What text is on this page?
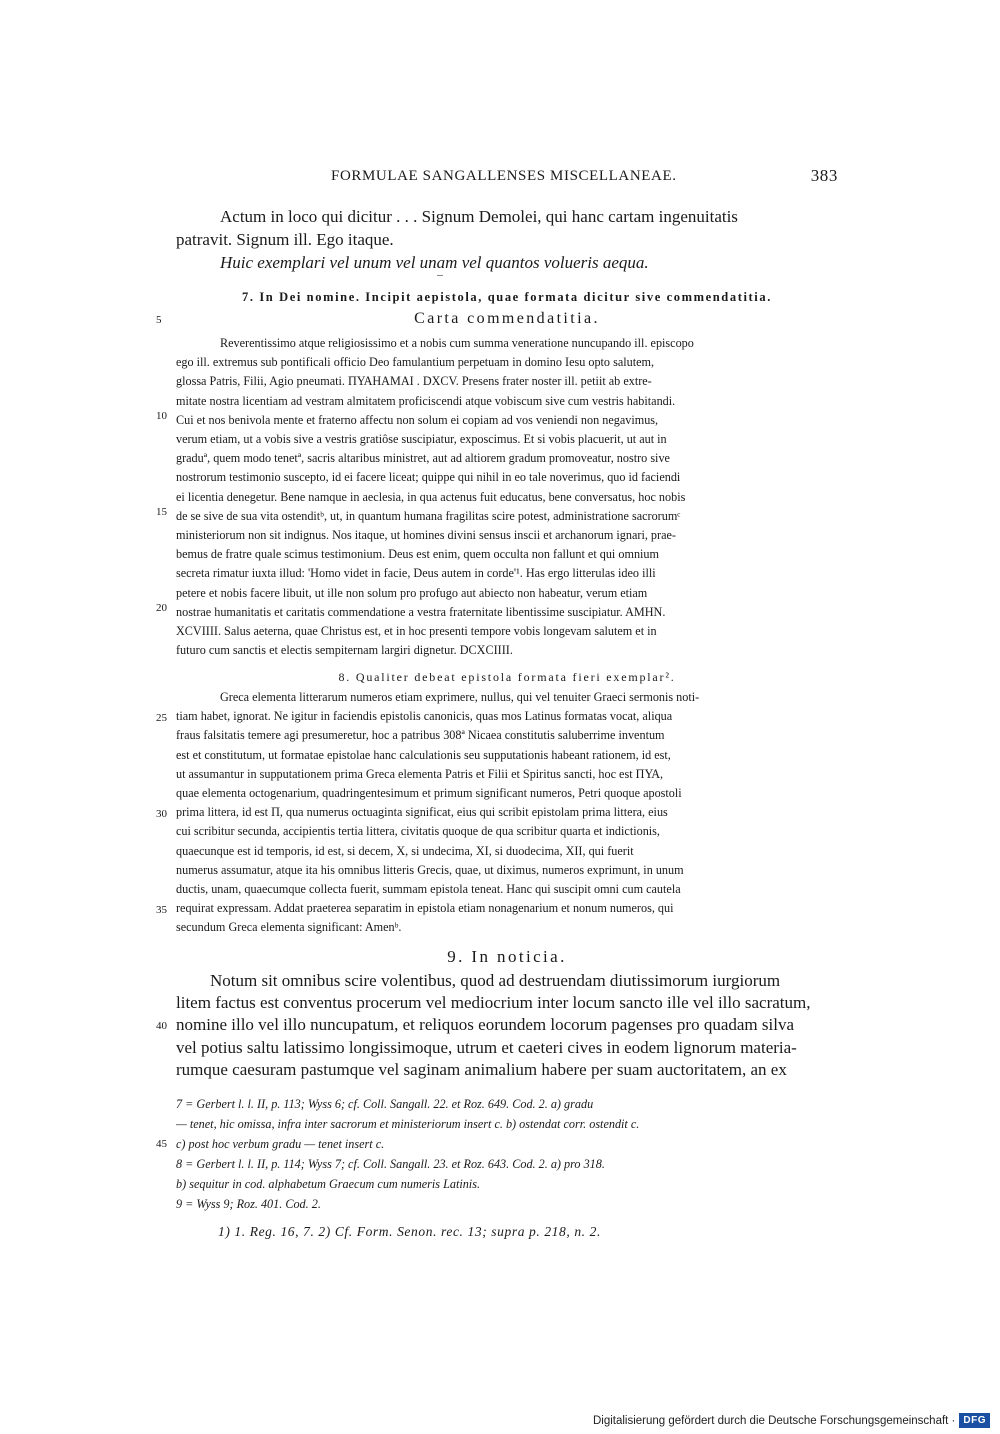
FORMULAE SANGALLENSES MISCELLANEAE.	383
Actum in loco qui dicitur . . . Signum Demolei, qui hanc cartam ingenuitatis
patravit. Signum ill. Ego itaque.
Huic exemplari vel unum vel unam vel quantos volueris aequa.
7. In Dei nomine. Incipit aepistola, quae formata dicitur sive commendatitia.
5	Carta commendatitia.
Reverentissimo atque religiosissimo et a nobis cum summa veneratione nuncupando ill. episcopo
ego ill. extremus sub pontificali officio Deo famulantium perpetuam in domino Iesu opto salutem,
glossa Patris, Filii, Agio pneumati. ΠΥΑΗΑΜΑΙ . DXCV. Presens frater noster ill. petiit ab extre-
mitate nostra licentiam ad vestram almitatem proficiscendi atque vobiscum sive cum vestris habitandi.
Cui et nos benivola mente et fraterno affectu non solum ei copiam ad vos veniendi non negavimus,
verum etiam, ut a vobis sive a vestris gratiôse suscipiatur, exposcimus. Et si vobis placuerit, ut aut in
graduª, quem modo tenetª, sacris altaribus ministret, aut ad altiorem gradum promoveatur, nostro sive
nostrorum testimonio suscepto, id ei facere liceat; quippe qui nihil in eo tale noverimus, quo id faciendi
ei licentia denegetur. Bene namque in aeclesia, in qua actenus fuit educatus, bene conversatus, hoc nobis
de se sive de sua vita ostenditᵇ, ut, in quantum humana fragilitas scire potest, administratione sacrorumᶜ
ministeriorum non sit indignus. Nos itaque, ut homines divini sensus inscii et archanorum ignari, prae-
bemus de fratre quale scimus testimonium. Deus est enim, quem occulta non fallunt et qui omnium
secreta rimatur iuxta illud: 'Homo videt in facie, Deus autem in corde'¹. Has ergo litterulas ideo illi
petere et nobis facere libuit, ut ille non solum pro profugo aut abiecto non habeatur, verum etiam
nostrae humanitatis et caritatis commendatione a vestra fraternitate libentissime suscipiatur. AMHN.
XCVIIII. Salus aeterna, quae Christus est, et in hoc presenti tempore vobis longevam salutem et in
futuro cum sanctis et electis sempiternam largiri dignetur. DCXCIIII.
10
15
20
8. Qualiter debeat epistola formata fieri exemplar².
Greca elementa litterarum numeros etiam exprimere, nullus, qui vel tenuiter Graeci sermonis noti-
tiam habet, ignorat. Ne igitur in faciendis epistolis canonicis, quas mos Latinus formatas vocat, aliqua
fraus falsitatis temere agi presumeretur, hoc a patribus 308ª Nicaea constitutis saluberrime inventum
est et constitutum, ut formatae epistolae hanc calculationis seu supputationis habeant rationem, id est,
ut assumantur in supputationem prima Greca elementa Patris et Filii et Spiritus sancti, hoc est ΠΥΑ,
quae elementa octogenarium, quadringentesimum et primum significant numeros, Petri quoque apostoli
prima littera, id est Π, qua numerus octuaginta significat, eius qui scribit epistolam prima littera, eius
cui scribitur secunda, accipientis tertia littera, civitatis quoque de qua scribitur quarta et indictionis,
quaecunque est id temporis, id est, si decem, X, si undecima, XI, si duodecima, XII, qui fuerit
numerus assumatur, atque ita his omnibus litteris Grecis, quae, ut diximus, numeros exprimunt, in unum
ductis, unam, quaecumque collecta fuerit, summam epistola teneat. Hanc qui suscipit omni cum cautela
requirat expressam. Addat praeterea separatim in epistola etiam nonagenarium et nonum numeros, qui
secundum Greca elementa significant: Amenᵇ.
25
30
35
9. In noticia.
Notum sit omnibus scire volentibus, quod ad destruendam diutissimorum iurgiorum
litem factus est conventus procerum vel mediocrium inter locum sancto ille vel illo sacratum,
nomine illo vel illo nuncupatum, et reliquos eorundem locorum pagenses pro quadam silva
vel potius saltu latissimo longissimoque, utrum et caeteri cives in eodem lignorum materia-
rumque caesuram pastumque vel saginam animalium habere per suam auctoritatem, an ex
40
7 = Gerbert l. l. II, p. 113; Wyss 6; cf. Coll. Sangall. 22. et Roz. 649. Cod. 2. a) gradu
— tenet, hic omissa, infra inter sacrorum et ministeriorum insert c. b) ostendat corr. ostendit c.
c) post hoc verbum gradu — tenet insert c.
8 = Gerbert l. l. II, p. 114; Wyss 7; cf. Coll. Sangall. 23. et Roz. 643. Cod. 2. a) pro 318.
b) sequitur in cod. alphabetum Graecum cum numeris Latinis.
9 = Wyss 9; Roz. 401. Cod. 2.
45
1) 1. Reg. 16, 7. 2) Cf. Form. Senon. rec. 13; supra p. 218, n. 2.
Digitalisierung gefördert durch die Deutsche Forschungsgemeinschaft · DFG
